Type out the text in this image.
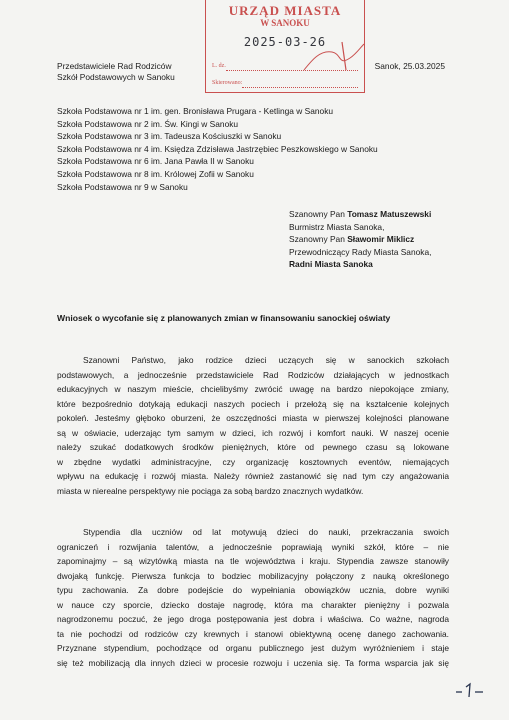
URZĄD MIASTA
W SANOKU
2025-03-26
L. dz.
Skierowano:
Przedstawiciele Rad Rodziców
Szkół Podstawowych w Sanoku
Sanok, 25.03.2025
Szkoła Podstawowa nr 1 im. gen. Bronisława Prugara - Ketlinga w Sanoku
Szkoła Podstawowa nr 2 im. Św. Kingi w Sanoku
Szkoła Podstawowa nr 3 im. Tadeusza Kościuszki w Sanoku
Szkoła Podstawowa nr 4 im. Księdza Zdzisława Jastrzębiec Peszkowskiego w Sanoku
Szkoła Podstawowa nr 6 im. Jana Pawła II w Sanoku
Szkoła Podstawowa nr 8 im. Królowej Zofii w Sanoku
Szkoła Podstawowa nr 9 w Sanoku
Szanowny Pan Tomasz Matuszewski
Burmistrz Miasta Sanoka,
Szanowny Pan Sławomir Miklicz
Przewodniczący Rady Miasta Sanoka,
Radni Miasta Sanoka
Wniosek o wycofanie się z planowanych zmian w finansowaniu sanockiej oświaty
Szanowni Państwo, jako rodzice dzieci uczących się w sanockich szkołach
podstawowych, a jednocześnie przedstawiciele Rad Rodziców działających w jednostkach
edukacyjnych w naszym mieście, chcielibyśmy zwrócić uwagę na bardzo niepokojące zmiany,
które bezpośrednio dotykają edukacji naszych pociech i przełożą się na kształcenie kolejnych
pokoleń. Jesteśmy głęboko oburzeni, że oszczędności miasta w pierwszej kolejności planowane
są w oświacie, uderzając tym samym w dzieci, ich rozwój i komfort nauki. W naszej ocenie
należy szukać dodatkowych środków pieniężnych, które od pewnego czasu są lokowane
w zbędne wydatki administracyjne, czy organizację kosztownych eventów, niemających
wpływu na edukację i rozwój miasta. Należy również zastanowić się nad tym czy angażowania
miasta w nierealne perspektywy nie pociąga za sobą bardzo znacznych wydatków.
Stypendia dla uczniów od lat motywują dzieci do nauki, przekraczania swoich
ograniczeń i rozwijania talentów, a jednocześnie poprawiają wyniki szkół, które – nie
zapominajmy – są wizytówką miasta na tle województwa i kraju. Stypendia zawsze stanowiły
dwojaką funkcję. Pierwsza funkcja to bodziec mobilizacyjny połączony z nauką określonego
typu zachowania. Za dobre podejście do wypełniania obowiązków ucznia, dobre wyniki
w nauce czy sporcie, dziecko dostaje nagrodę, która ma charakter pieniężny i pozwala
nagrodzonemu poczuć, że jego droga postępowania jest dobra i właściwa. Co ważne, nagroda
ta nie pochodzi od rodziców czy krewnych i stanowi obiektywną ocenę danego zachowania.
Przyznane stypendium, pochodzące od organu publicznego jest dużym wyróżnieniem i staje
się też mobilizacją dla innych dzieci w procesie rozwoju i uczenia się. Ta forma wsparcia jak się
